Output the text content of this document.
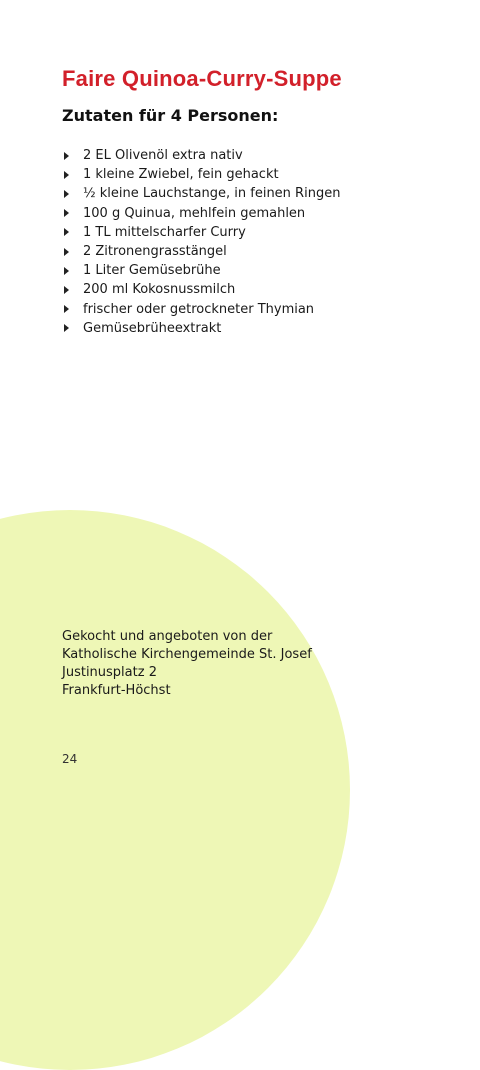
Faire Quinoa-Curry-Suppe
Zutaten für 4 Personen:
2 EL Olivenöl extra nativ
1 kleine Zwiebel, fein gehackt
½ kleine Lauchstange, in feinen Ringen
100 g Quinua, mehlfein gemahlen
1 TL mittelscharfer Curry
2 Zitronengrasstängel
1 Liter Gemüsebrühe
200 ml Kokosnussmilch
frischer oder getrockneter Thymian
Gemüsebrüheextrakt
Gekocht und angeboten von der
Katholische Kirchengemeinde St. Josef
Justinusplatz 2
Frankfurt-Höchst
24
